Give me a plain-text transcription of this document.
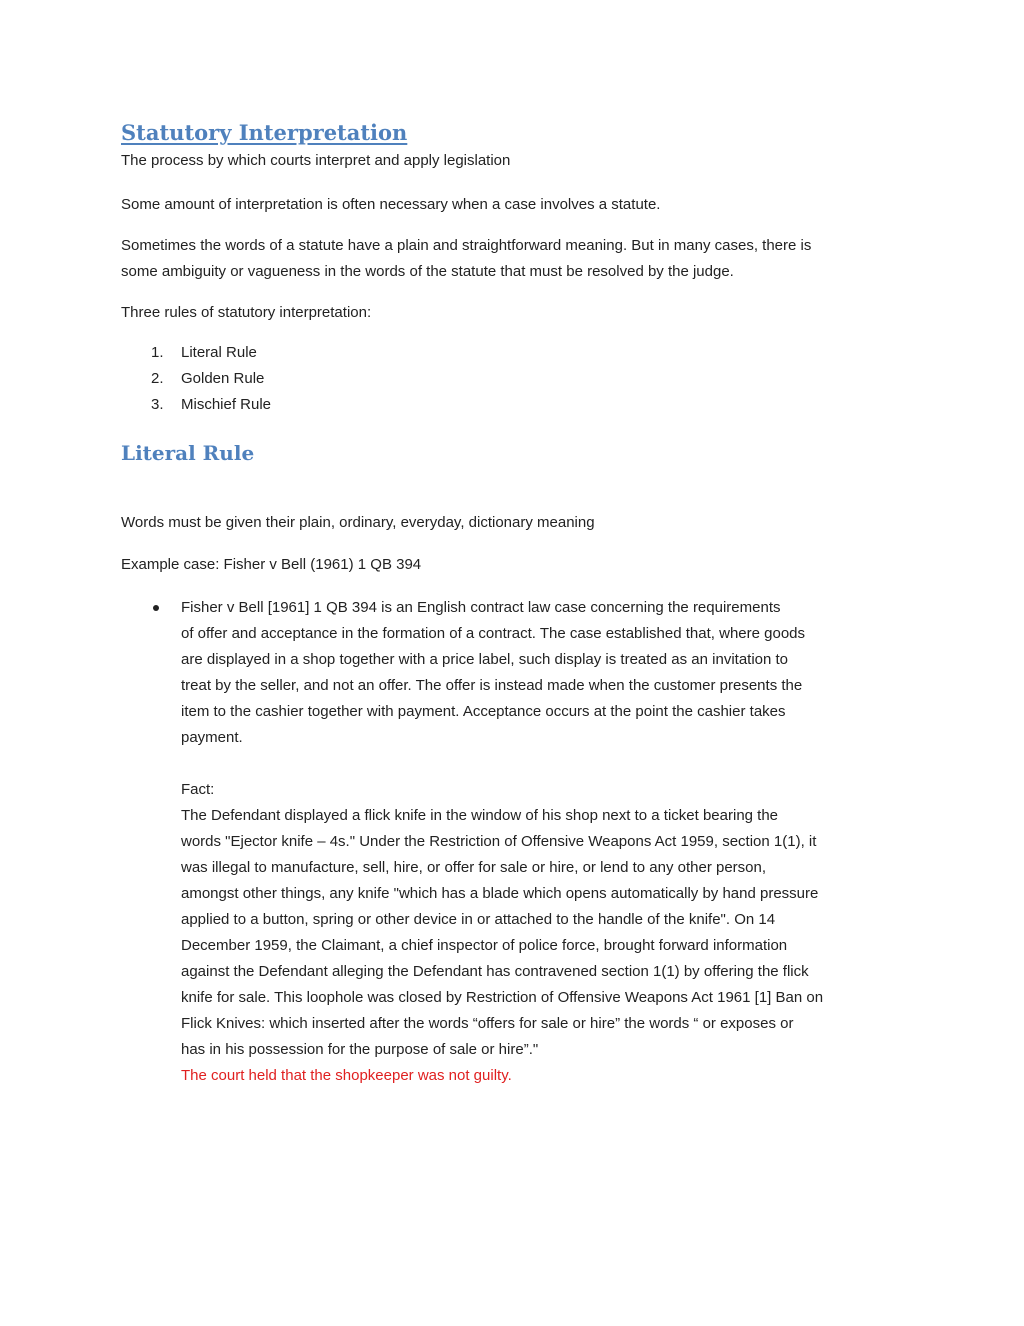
Statutory Interpretation

The process by which courts interpret and apply legislation

Some amount of interpretation is often necessary when a case involves a statute.

Sometimes the words of a statute have a plain and straightforward meaning. But in many cases, there is
some ambiguity or vagueness in the words of the statute that must be resolved by the judge.

Three rules of statutory interpretation:

1. Literal Rule
2. Golden Rule
3. Mischief Rule
Literal Rule

Words must be given their plain, ordinary, everyday, dictionary meaning

Example case: Fisher v Bell (1961) 1 QB 394

Fisher v Bell [1961] 1 QB 394 is an English contract law case concerning the requirements
of offer and acceptance in the formation of a contract. The case established that, where goods
are displayed in a shop together with a price label, such display is treated as an invitation to
treat by the seller, and not an offer. The offer is instead made when the customer presents the
item to the cashier together with payment. Acceptance occurs at the point the cashier takes
payment.
Fact:
The Defendant displayed a flick knife in the window of his shop next to a ticket bearing the
words "Ejector knife – 4s." Under the Restriction of Offensive Weapons Act 1959, section 1(1), it
was illegal to manufacture, sell, hire, or offer for sale or hire, or lend to any other person,
amongst other things, any knife "which has a blade which opens automatically by hand pressure
applied to a button, spring or other device in or attached to the handle of the knife". On 14
December 1959, the Claimant, a chief inspector of police force, brought forward information
against the Defendant alleging the Defendant has contravened section 1(1) by offering the flick
knife for sale. This loophole was closed by Restriction of Offensive Weapons Act 1961 [1] Ban on
Flick Knives: which inserted after the words “offers for sale or hire” the words “ or exposes or
has in his possession for the purpose of sale or hire”."
The court held that the shopkeeper was not guilty.
